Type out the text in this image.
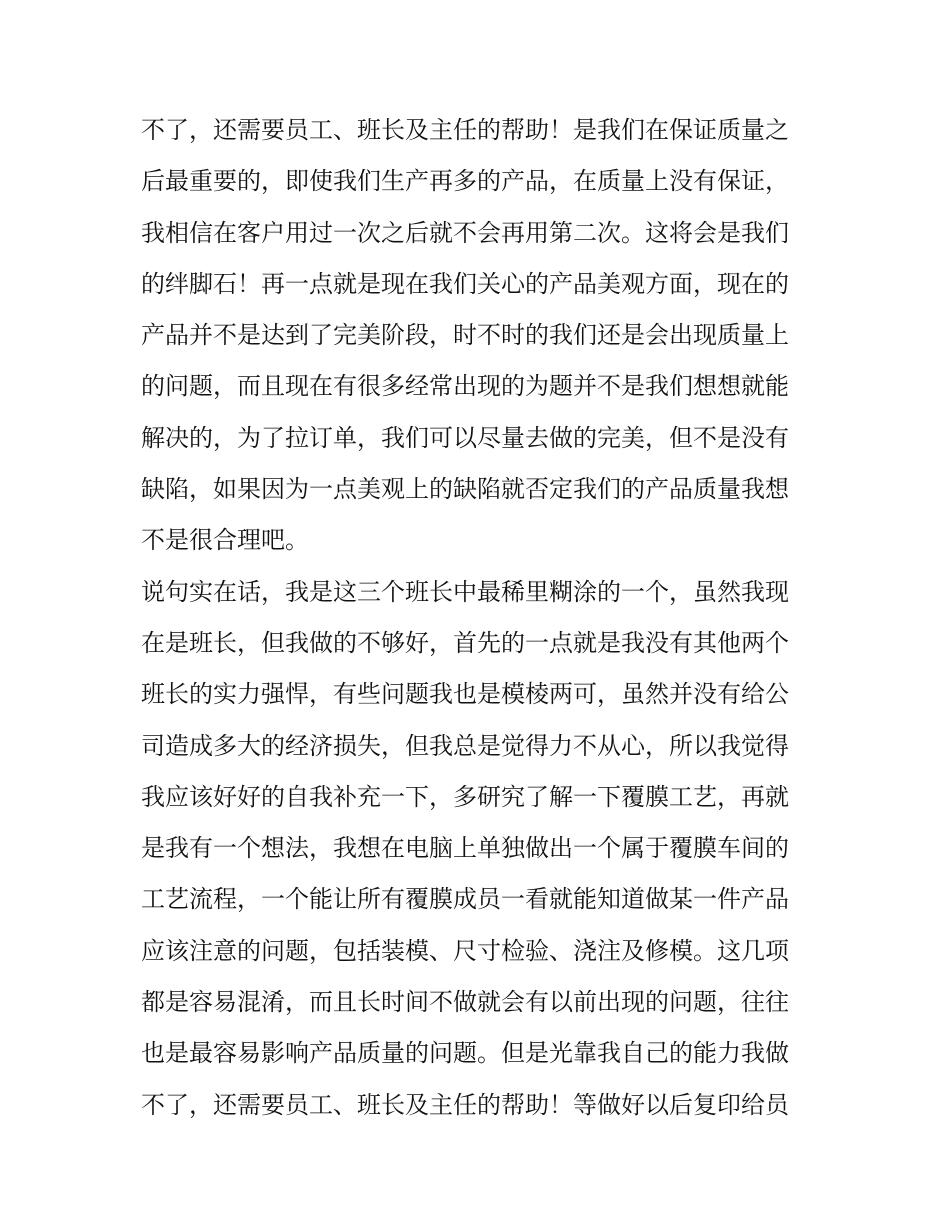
不了，还需要员工、班长及主任的帮助！是我们在保证质量之
后最重要的，即使我们生产再多的产品，在质量上没有保证，
我相信在客户用过一次之后就不会再用第二次。这将会是我们
的绊脚石！再一点就是现在我们关心的产品美观方面，现在的
产品并不是达到了完美阶段，时不时的我们还是会出现质量上
的问题，而且现在有很多经常出现的为题并不是我们想想就能
解决的，为了拉订单，我们可以尽量去做的完美，但不是没有
缺陷，如果因为一点美观上的缺陷就否定我们的产品质量我想
不是很合理吧。
说句实在话，我是这三个班长中最稀里糊涂的一个，虽然我现
在是班长，但我做的不够好，首先的一点就是我没有其他两个
班长的实力强悍，有些问题我也是模棱两可，虽然并没有给公
司造成多大的经济损失，但我总是觉得力不从心，所以我觉得
我应该好好的自我补充一下，多研究了解一下覆膜工艺，再就
是我有一个想法，我想在电脑上单独做出一个属于覆膜车间的
工艺流程，一个能让所有覆膜成员一看就能知道做某一件产品
应该注意的问题，包括装模、尺寸检验、浇注及修模。这几项
都是容易混淆，而且长时间不做就会有以前出现的问题，往往
也是最容易影响产品质量的问题。但是光靠我自己的能力我做
不了，还需要员工、班长及主任的帮助！等做好以后复印给员
